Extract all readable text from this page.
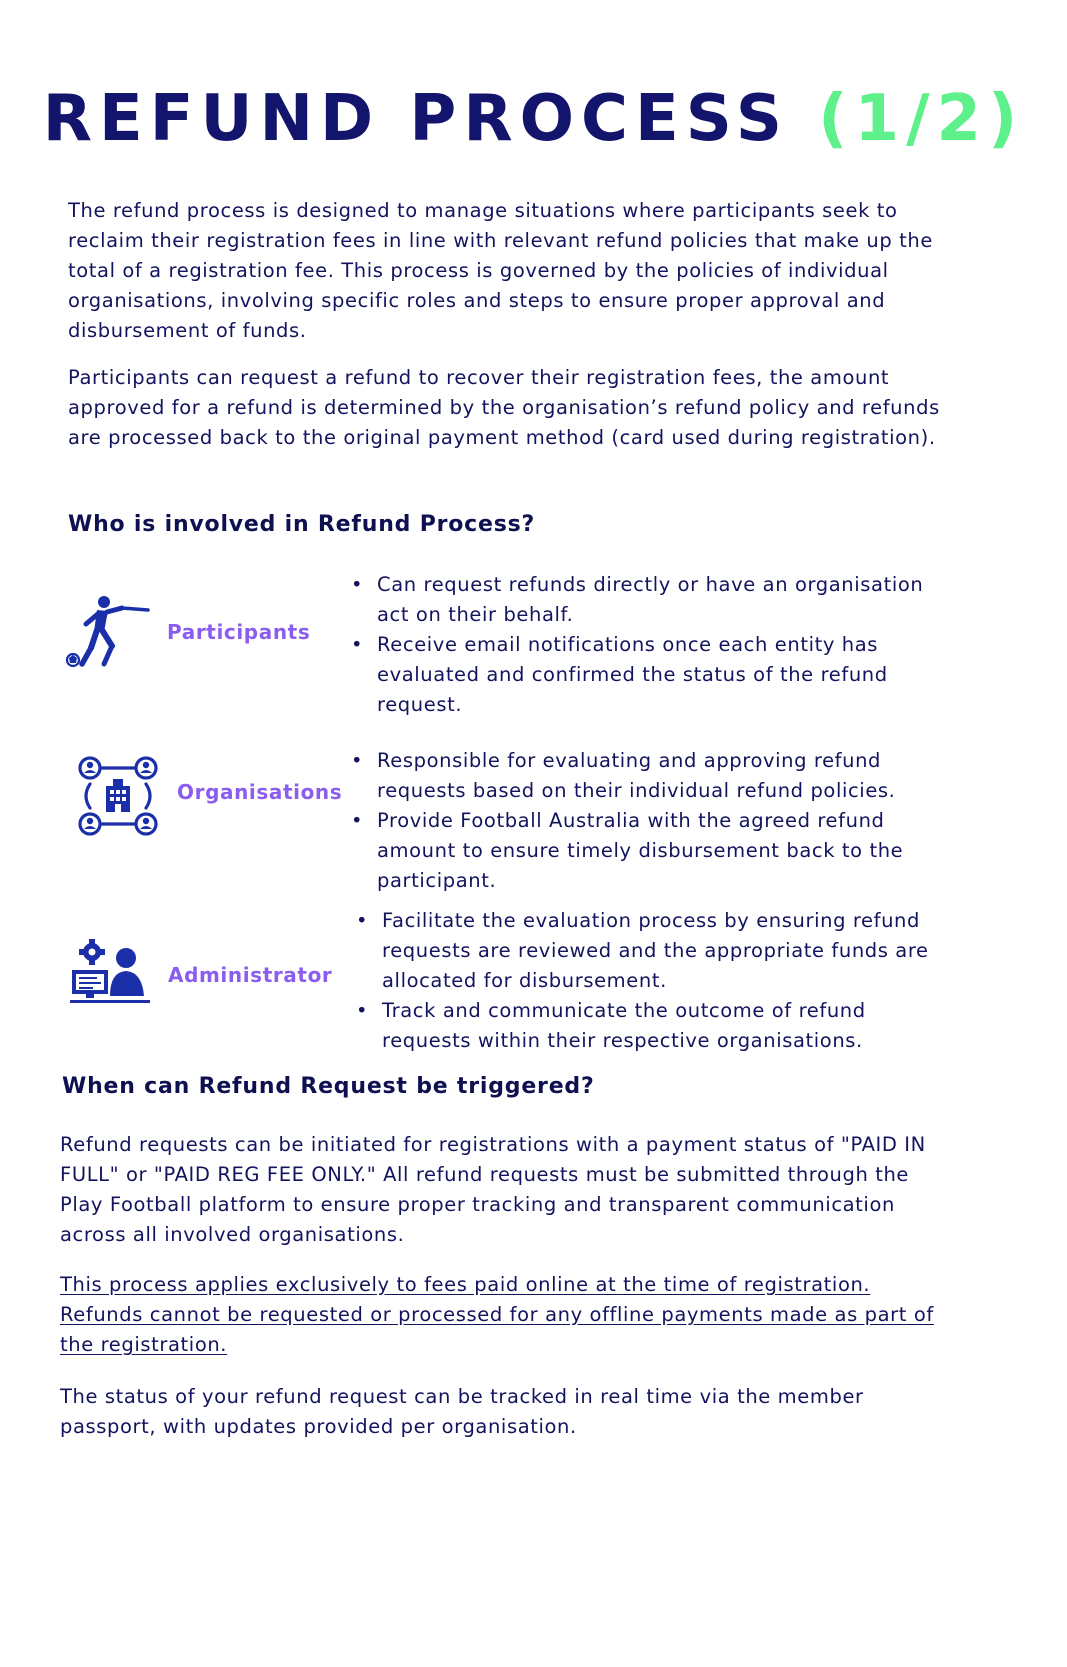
REFUND PROCESS (1/2)

The refund process is designed to manage situations where participants seek to reclaim their registration fees in line with relevant refund policies that make up the total of a registration fee. This process is governed by the policies of individual organisations, involving specific roles and steps to ensure proper approval and disbursement of funds.

Participants can request a refund to recover their registration fees, the amount approved for a refund is determined by the organisation’s refund policy and refunds are processed back to the original payment method (card used during registration).

Who is involved in Refund Process?
Participants
• Can request refunds directly or have an organisation act on their behalf.
• Receive email notifications once each entity has evaluated and confirmed the status of the refund request.
Organisations
• Responsible for evaluating and approving refund requests based on their individual refund policies.
• Provide Football Australia with the agreed refund amount to ensure timely disbursement back to the participant.
Administrator
• Facilitate the evaluation process by ensuring refund requests are reviewed and the appropriate funds are allocated for disbursement.
• Track and communicate the outcome of refund requests within their respective organisations.
When can Refund Request be triggered?

Refund requests can be initiated for registrations with a payment status of "PAID IN FULL" or "PAID REG FEE ONLY." All refund requests must be submitted through the Play Football platform to ensure proper tracking and transparent communication across all involved organisations.

This process applies exclusively to fees paid online at the time of registration. Refunds cannot be requested or processed for any offline payments made as part of the registration.

The status of your refund request can be tracked in real time via the member passport, with updates provided per organisation.
